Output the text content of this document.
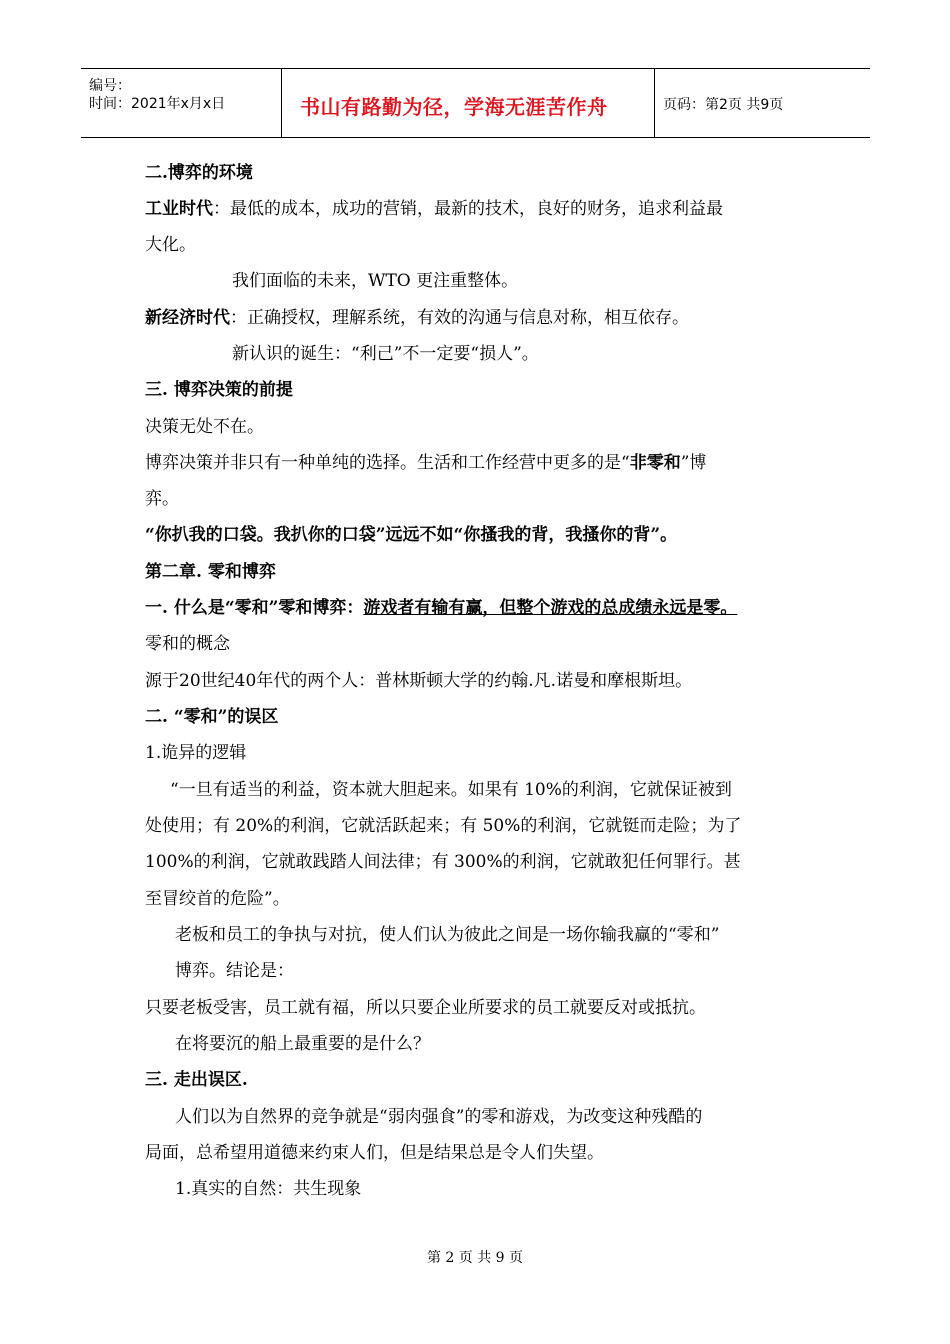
编号：
时间：2021年x月x日	书山有路勤为径，学海无涯苦作舟	页码：第2页 共9页
二.博弈的环境
工业时代：最低的成本，成功的营销，最新的技术，良好的财务，追求利益最
大化。
我们面临的未来，WTO 更注重整体。
新经济时代：正确授权，理解系统，有效的沟通与信息对称，相互依存。
新认识的诞生：“利己”不一定要“损人”。
三. 博弈决策的前提
决策无处不在。
博弈决策并非只有一种单纯的选择。生活和工作经营中更多的是“非零和”博
弈。
“你扒我的口袋。我扒你的口袋”远远不如“你搔我的背，我搔你的背”。
第二章. 零和博弈
一. 什么是“零和”零和博弈：游戏者有输有赢，但整个游戏的总成绩永远是零。
零和的概念
源于20世纪40年代的两个人：普林斯顿大学的约翰.凡.诺曼和摩根斯坦。
二. “零和”的误区
1.诡异的逻辑
“一旦有适当的利益，资本就大胆起来。如果有 10%的利润，它就保证被到
处使用；有 20%的利润，它就活跃起来；有 50%的利润，它就铤而走险；为了
100%的利润，它就敢践踏人间法律；有 300%的利润，它就敢犯任何罪行。甚
至冒绞首的危险”。
老板和员工的争执与对抗，使人们认为彼此之间是一场你输我赢的“零和”
博弈。结论是：
只要老板受害，员工就有福，所以只要企业所要求的员工就要反对或抵抗。
在将要沉的船上最重要的是什么？
三. 走出误区.
人们以为自然界的竞争就是“弱肉强食”的零和游戏，为改变这种残酷的
局面，总希望用道德来约束人们，但是结果总是令人们失望。
1.真实的自然：共生现象
第 2 页 共 9 页
